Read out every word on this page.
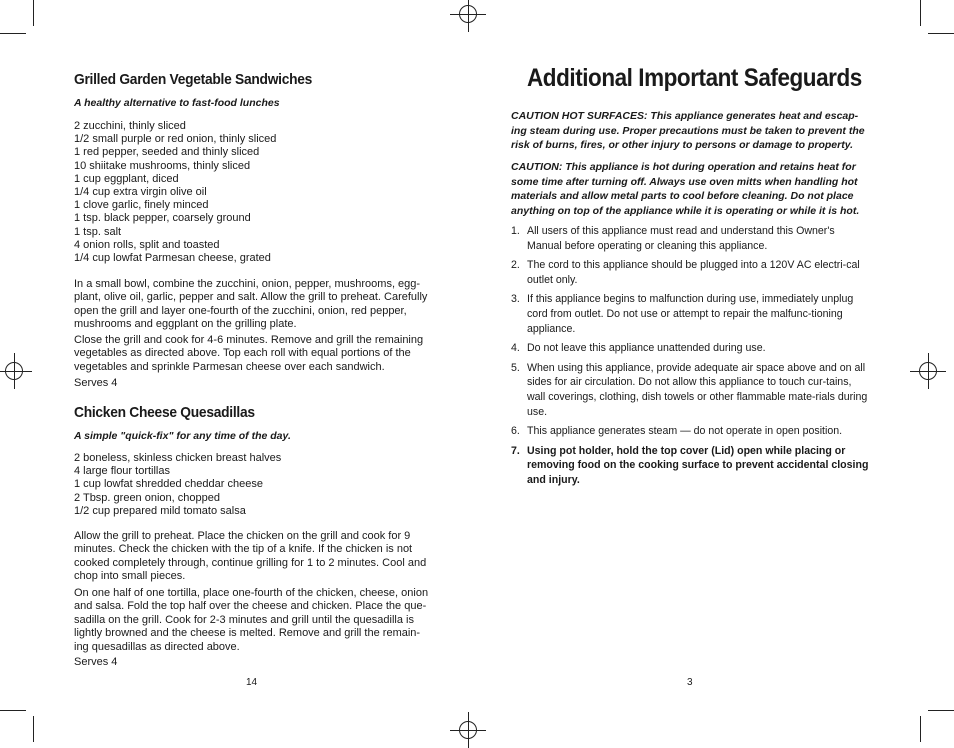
Grilled Garden Vegetable Sandwiches

A healthy alternative to fast-food lunches

2 zucchini, thinly sliced
1/2 small purple or red onion, thinly sliced
1 red pepper, seeded and thinly sliced
10 shiitake mushrooms, thinly sliced
1 cup eggplant, diced
1/4 cup extra virgin olive oil
1 clove garlic, finely minced
1 tsp. black pepper, coarsely ground
1 tsp. salt
4 onion rolls, split and toasted
1/4 cup lowfat Parmesan cheese, grated

In a small bowl, combine the zucchini, onion, pepper, mushrooms, egg-plant, olive oil, garlic, pepper and salt. Allow the grill to preheat. Carefully open the grill and layer one-fourth of the zucchini, onion, red pepper, mushrooms and eggplant on the grilling plate.

Close the grill and cook for 4-6 minutes. Remove and grill the remaining vegetables as directed above. Top each roll with equal portions of the vegetables and sprinkle Parmesan cheese over each sandwich.

Serves 4

Chicken Cheese Quesadillas

A simple "quick-fix" for any time of the day.

2 boneless, skinless chicken breast halves
4 large flour tortillas
1 cup lowfat shredded cheddar cheese
2 Tbsp. green onion, chopped
1/2 cup prepared mild tomato salsa

Allow the grill to preheat. Place the chicken on the grill and cook for 9 minutes. Check the chicken with the tip of a knife. If the chicken is not cooked completely through, continue grilling for 1 to 2 minutes. Cool and chop into small pieces.

On one half of one tortilla, place one-fourth of the chicken, cheese, onion and salsa. Fold the top half over the cheese and chicken. Place the que-sadilla on the grill. Cook for 2-3 minutes and grill until the quesadilla is lightly browned and the cheese is melted. Remove and grill the remain-ing quesadillas as directed above.

Serves 4

14
Additional Important Safeguards

CAUTION HOT SURFACES: This appliance generates heat and escap-ing steam during use. Proper precautions must be taken to prevent the risk of burns, fires, or other injury to persons or damage to property.

CAUTION: This appliance is hot during operation and retains heat for some time after turning off. Always use oven mitts when handling hot materials and allow metal parts to cool before cleaning. Do not place anything on top of the appliance while it is operating or while it is hot.

1. All users of this appliance must read and understand this Owner's Manual before operating or cleaning this appliance.
2. The cord to this appliance should be plugged into a 120V AC electri-cal outlet only.
3. If this appliance begins to malfunction during use, immediately unplug cord from outlet. Do not use or attempt to repair the malfunc-tioning appliance.
4. Do not leave this appliance unattended during use.
5. When using this appliance, provide adequate air space above and on all sides for air circulation. Do not allow this appliance to touch cur-tains, wall coverings, clothing, dish towels or other flammable mate-rials during use.
6. This appliance generates steam — do not operate in open position.
7. Using pot holder, hold the top cover (Lid) open while placing or removing food on the cooking surface to prevent accidental closing and injury.
3
